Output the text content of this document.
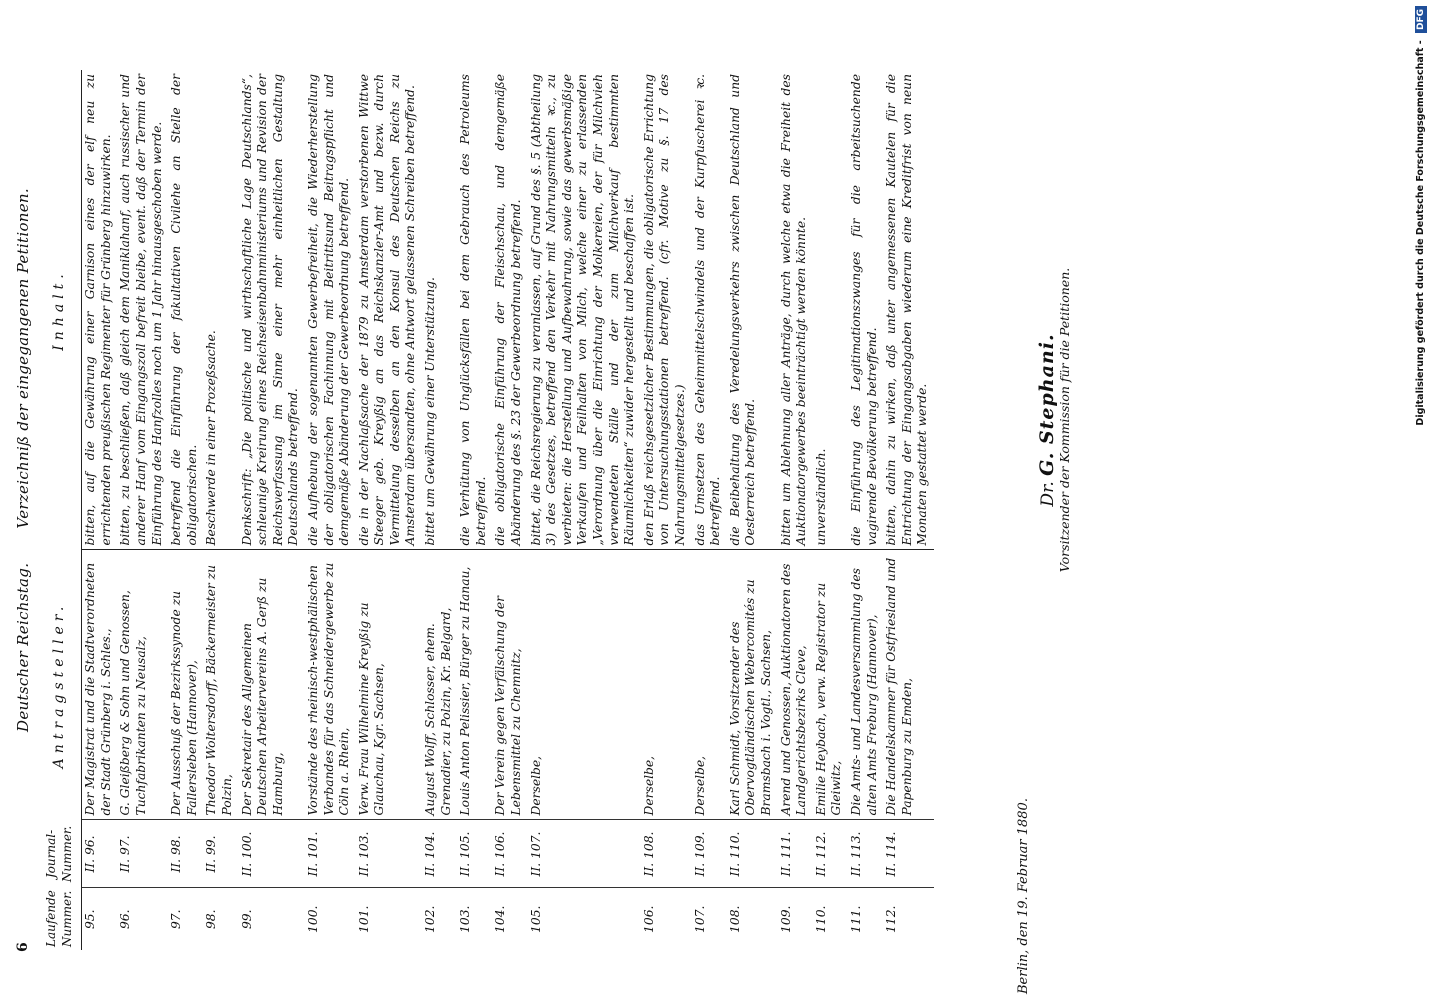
6
Deutscher Reichstag.  Verzeichniß der eingegangenen Petitionen.
Laufende Nummer.	Journal-Nummer.	Antragsteller.	Inhalt.
95.	II. 96.	Der Magistrat und die Stadtverordneten der Stadt Grünberg i. Schles.,	bitten, auf die Gewährung einer Garnison eines der elf neu zu errichtenden preußischen Regimenter für Grünberg hinzuwirken.
96.	II. 97.	G. Gleißberg & Sohn und Genossen, Tuchfabrikanten zu Neusalz,	bitten, zu beschließen, daß gleich dem Maniklahanf, auch russischer und anderer Hanf vom Eingangszoll befreit bleibe, event. daß der Termin der Einführung des Hanfzolles noch um 1 Jahr hinausgeschoben werde.
97.	II. 98.	Der Ausschuß der Bezirkssynode zu Fallersleben (Hannover),	betreffend die Einführung der fakultativen Civilehe an Stelle der obligatorischen.
98.	II. 99.	Theodor Woltersdorff, Bäckermeister zu Polzin,	Beschwerde in einer Prozeßsache.
99.	II. 100.	Der Sekretair des Allgemeinen Deutschen Arbeitervereins A. Gerß zu Hamburg,	Denkschrift: „Die politische und wirthschaftliche Lage Deutschlands“, schleunige Kreirung eines Reichseisenbahnministeriums und Revision der Reichsverfassung im Sinne einer mehr einheitlichen Gestaltung Deutschlands betreffend.
100.	II. 101.	Vorstände des rheinisch-westphälischen Verbandes für das Schneidergewerbe zu Cöln a. Rhein,	die Aufhebung der sogenannten Gewerbefreiheit, die Wiederherstellung der obligatorischen Fachinnung mit Beitrittsund Beitragspflicht und demgemäße Abänderung der Gewerbeordnung betreffend.
101.	II. 103.	Verw. Frau Wilhelmine Kreyßig zu Glauchau, Kgr. Sachsen,	die in der Nachlaßsache der 1879 zu Amsterdam verstorbenen Wittwe Steeger geb. Kreyßig an das Reichskanzler-Amt und bezw. durch Vermittelung desselben an den Konsul des Deutschen Reichs zu Amsterdam übersandten, ohne Antwort gelassenen Schreiben betreffend.
102.	II. 104.	August Wolff, Schlosser, ehem. Grenadier, zu Polzin, Kr. Belgard,	bittet um Gewährung einer Unterstützung.
103.	II. 105.	Louis Anton Pelissier, Bürger zu Hanau,	die Verhütung von Unglücksfällen bei dem Gebrauch des Petroleums betreffend.
104.	II. 106.	Der Verein gegen Verfälschung der Lebensmittel zu Chemnitz,	die obligatorische Einführung der Fleischschau, und demgemäße Abänderung des §. 23 der Gewerbeordnung betreffend.
105.	II. 107.	Derselbe,	bittet, die Reichsregierung zu veranlassen, auf Grund des §. 5 (Abtheilung 3) des Gesetzes, betreffend den Verkehr mit Nahrungsmitteln ꝛc., zu verbieten: die Herstellung und Aufbewahrung, sowie das gewerbsmäßige Verkaufen und Feilhalten von Milch, welche einer zu erlassenden „Verordnung über die Einrichtung der Molkereien, der für Milchvieh verwendeten Ställe und der zum Milchverkauf bestimmten Räumlichkeiten“ zuwider hergestellt und beschaffen ist.
106.	II. 108.	Derselbe,	den Erlaß reichsgesetzlicher Bestimmungen, die obligatorische Errichtung von Untersuchungsstationen betreffend. (cfr. Motive zu §. 17 des Nahrungsmittelgesetzes.)
107.	II. 109.	Derselbe,	das Umsetzen des Geheimmittelschwindels und der Kurpfuscherei ꝛc. betreffend.
108.	II. 110.	Karl Schmidt, Vorsitzender des Obervogtländischen Webercomités zu Bramsbach i. Vogtl., Sachsen,	die Beibehaltung des Veredelungsverkehrs zwischen Deutschland und Oesterreich betreffend.
109.	II. 111.	Arend und Genossen, Auktionatoren des Landgerichtsbezirks Cleve,	bitten um Ablehnung aller Anträge, durch welche etwa die Freiheit des Auktionatorgewerbes beeinträchtigt werden könnte.
110.	II. 112.	Emilie Heybach, verw. Registrator zu Gleiwitz,	unverständlich.
111.	II. 113.	Die Amts- und Landesversammlung des alten Amts Freburg (Hannover),	die Einführung des Legitimationszwanges für die arbeitsuchende vagirende Bevölkerung betreffend.
112.	II. 114.	Die Handelskammer für Ostfriesland und Papenburg zu Emden,	bitten, dahin zu wirken, daß unter angemessenen Kautelen für die Entrichtung der Eingangsabgaben wiederum eine Kreditfrist von neun Monaten gestattet werde.
Berlin, den 19. Februar 1880.
Dr. G. Stephani.
Vorsitzender der Kommission für die Petitionen.	Digitalisierung gefördert durch die Deutsche Forschungsgemeinschaft - DFG
